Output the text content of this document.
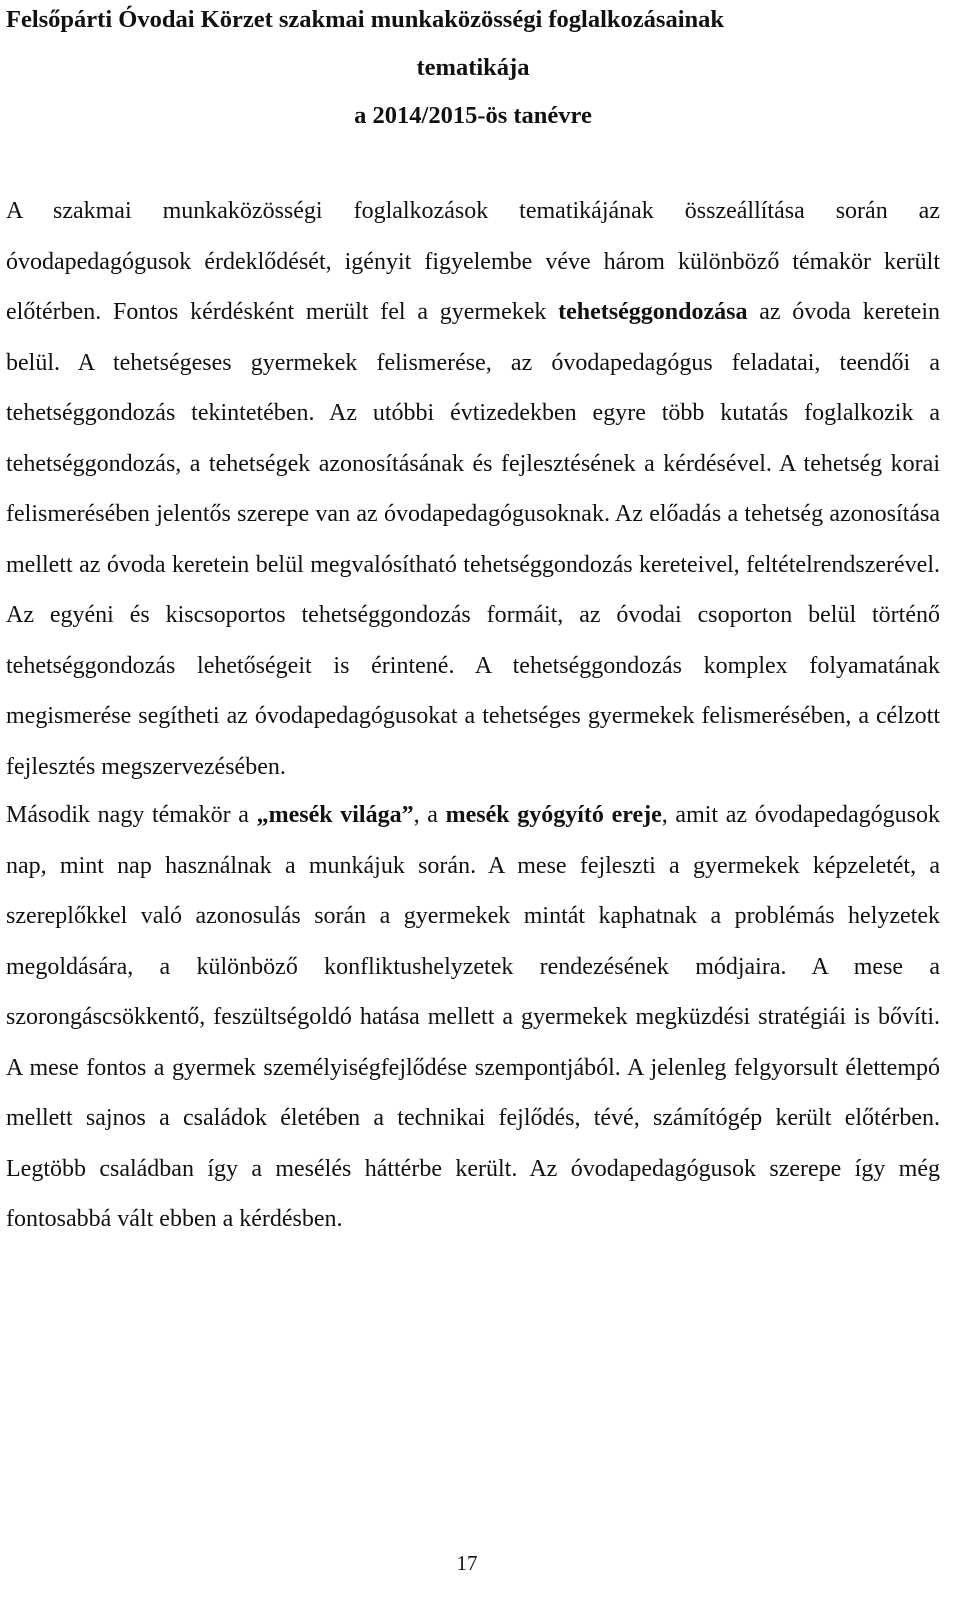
Felsőpárti Óvodai Körzet szakmai munkaközösségi foglalkozásainak
tematikája
a 2014/2015-ös tanévre

A szakmai munkaközösségi foglalkozások tematikájának összeállítása során az óvodapedagógusok érdeklődését, igényit figyelembe véve három különböző témakör került előtérben. Fontos kérdésként merült fel a gyermekek tehetséggondozása az óvoda keretein belül. A tehetségeses gyermekek felismerése, az óvodapedagógus feladatai, teendői a tehetséggondozás tekintetében. Az utóbbi évtizedekben egyre több kutatás foglalkozik a tehetséggondozás, a tehetségek azonosításának és fejlesztésének a kérdésével. A tehetség korai felismerésében jelentős szerepe van az óvodapedagógusoknak. Az előadás a tehetség azonosítása mellett az óvoda keretein belül megvalósítható tehetséggondozás kereteivel, feltételrendszerével. Az egyéni és kiscsoportos tehetséggondozás formáit, az óvodai csoporton belül történő tehetséggondozás lehetőségeit is érintené. A tehetséggondozás komplex folyamatának megismerése segítheti az óvodapedagógusokat a tehetséges gyermekek felismerésében, a célzott fejlesztés megszervezésében.

Második nagy témakör a „mesék világa”, a mesék gyógyító ereje, amit az óvodapedagógusok nap, mint nap használnak a munkájuk során. A mese fejleszti a gyermekek képzeletét, a szereplőkkel való azonosulás során a gyermekek mintát kaphatnak a problémás helyzetek megoldására, a különböző konfliktushelyzetek rendezésének módjaira. A mese a szorongáscsökkentő, feszültségoldó hatása mellett a gyermekek megküzdési stratégiái is bővíti. A mese fontos a gyermek személyiségfejlődése szempontjából. A jelenleg felgyorsult élettempó mellett sajnos a családok életében a technikai fejlődés, tévé, számítógép került előtérben. Legtöbb családban így a mesélés háttérbe került. Az óvodapedagógusok szerepe így még fontosabbá vált ebben a kérdésben.

17
